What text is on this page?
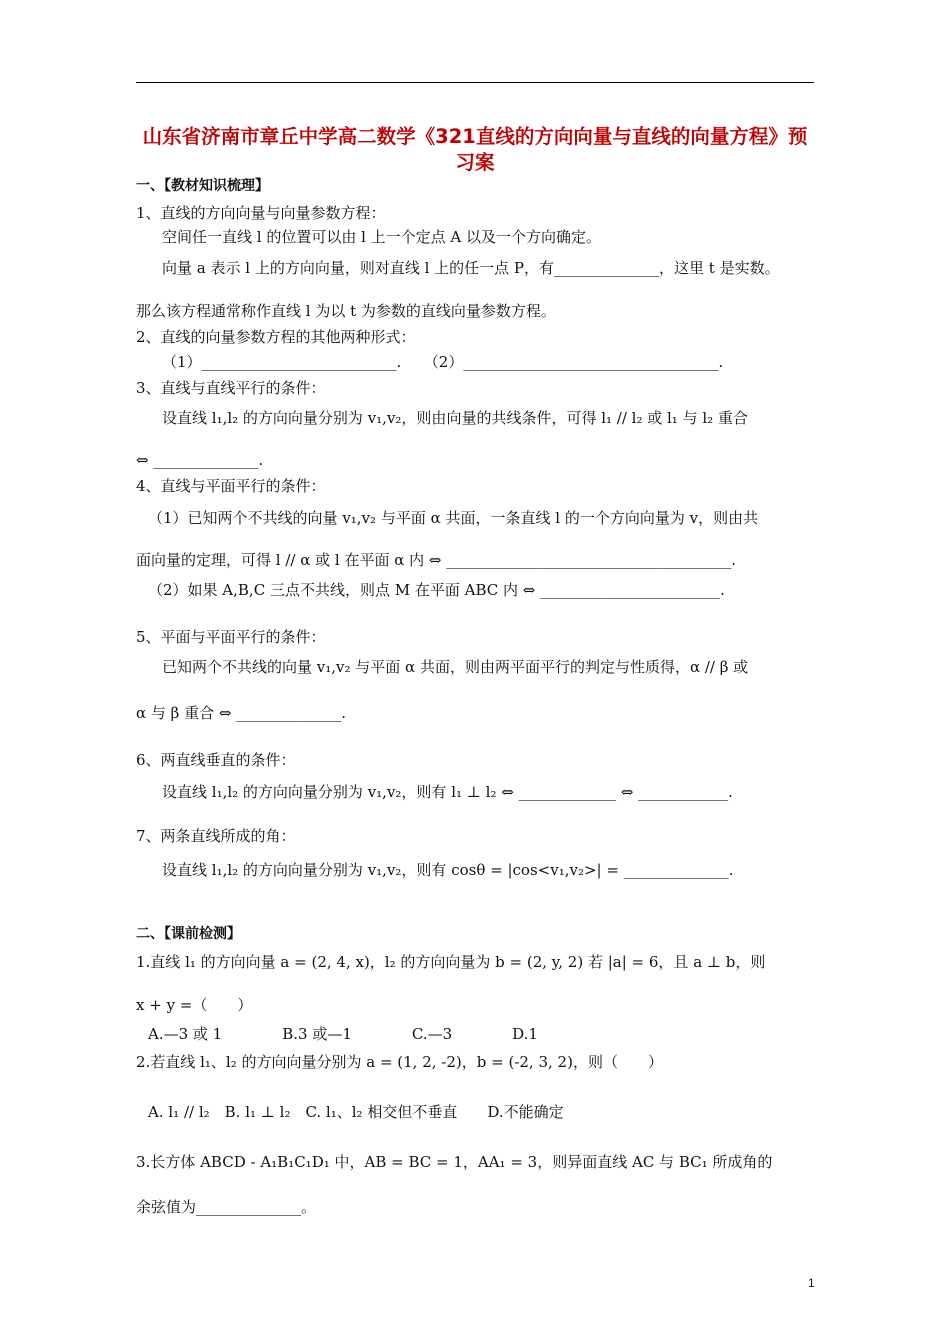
山东省济南市章丘中学高二数学《321直线的方向向量与直线的向量方程》预习案
一、【教材知识梳理】
1、直线的方向向量与向量参数方程：
空间任一直线 l 的位置可以由 l 上一个定点 A 以及一个方向确定。
向量 a 表示 l 上的方向向量，则对直线 l 上的任一点 P，有______________，这里 t 是实数。
那么该方程通常称作直线 l 为以 t 为参数的直线向量参数方程。
2、直线的向量参数方程的其他两种形式：
（1）__________________________.　　（2）__________________________________.
3、直线与直线平行的条件：
设直线 l₁,l₂ 的方向向量分别为 v₁,v₂，则由向量的共线条件，可得 l₁ // l₂ 或 l₁ 与 l₂ 重合
⇔ ______________.
4、直线与平面平行的条件：
（1）已知两个不共线的向量 v₁,v₂ 与平面 α 共面，一条直线 l 的一个方向向量为 v，则由共
面向量的定理，可得 l // α 或 l 在平面 α 内 ⇔ ______________________________________.
（2）如果 A,B,C 三点不共线，则点 M 在平面 ABC 内 ⇔ ________________________.
5、平面与平面平行的条件：
已知两个不共线的向量 v₁,v₂ 与平面 α 共面，则由两平面平行的判定与性质得，α // β 或
α 与 β 重合 ⇔ ______________.
6、两直线垂直的条件：
设直线 l₁,l₂ 的方向向量分别为 v₁,v₂，则有 l₁ ⊥ l₂ ⇔ _____________ ⇔ ____________.
7、两条直线所成的角：
设直线 l₁,l₂ 的方向向量分别为 v₁,v₂，则有 cosθ = |cos<v₁,v₂>| = ______________.
二、【课前检测】
1.直线 l₁ 的方向向量 a = (2, 4, x)，l₂ 的方向向量为 b = (2, y, 2) 若 |a| = 6，且 a ⊥ b，则
x + y =（　　）
A.—3 或 1　　　　B.3 或—1　　　　C.—3　　　　D.1
2.若直线 l₁、l₂ 的方向向量分别为 a = (1, 2, -2)，b = (-2, 3, 2)，则（　　）
A. l₁ // l₂　B. l₁ ⊥ l₂　C. l₁、l₂ 相交但不垂直　　D.不能确定
3.长方体 ABCD - A₁B₁C₁D₁ 中，AB = BC = 1，AA₁ = 3，则异面直线 AC 与 BC₁ 所成角的
余弦值为______________。
1
